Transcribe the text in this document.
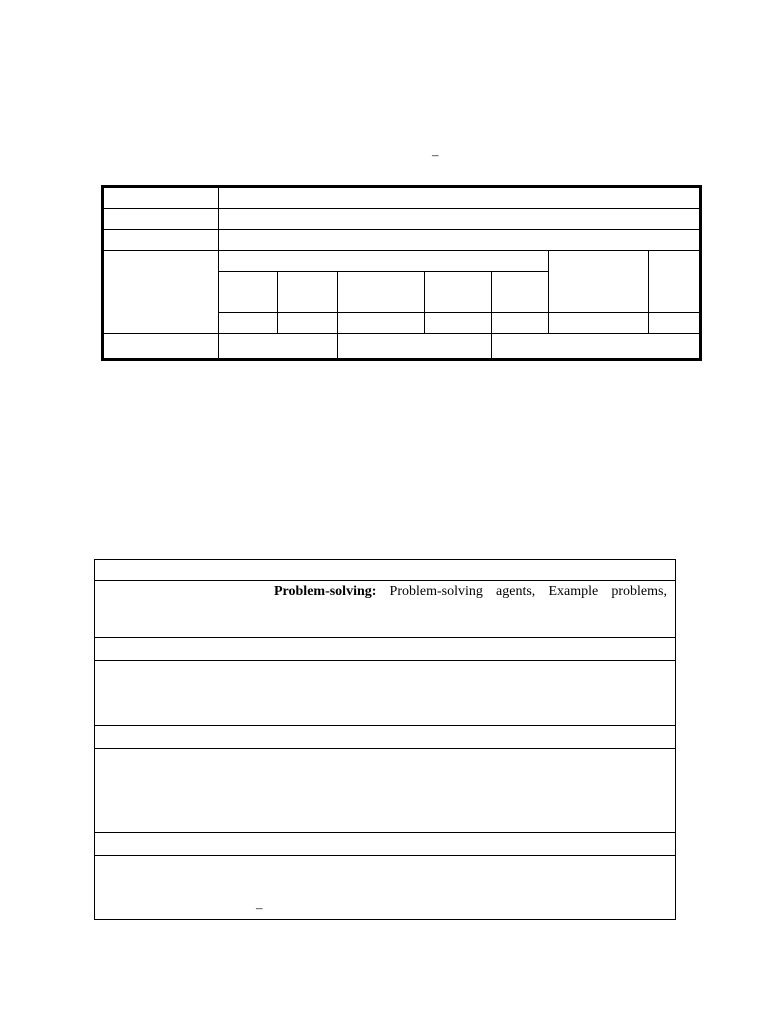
–
Problem-solving: Problem-solving agents, Example problems,
–
